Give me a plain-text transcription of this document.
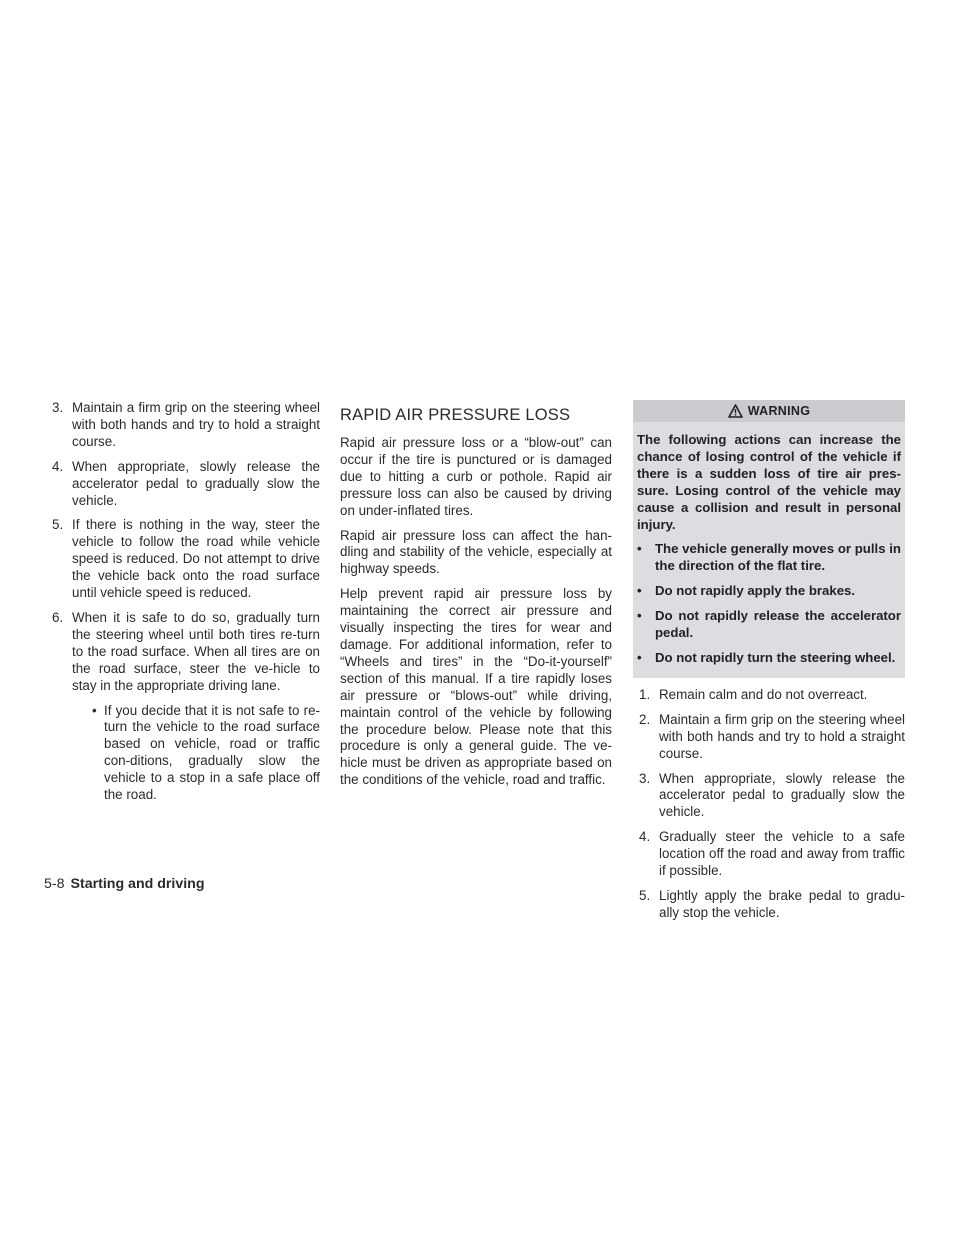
3. Maintain a firm grip on the steering wheel with both hands and try to hold a straight course.
4. When appropriate, slowly release the accelerator pedal to gradually slow the vehicle.
5. If there is nothing in the way, steer the vehicle to follow the road while vehicle speed is reduced. Do not attempt to drive the vehicle back onto the road surface until vehicle speed is reduced.
6. When it is safe to do so, gradually turn the steering wheel until both tires re-turn to the road surface. When all tires are on the road surface, steer the ve-hicle to stay in the appropriate driving lane.
• If you decide that it is not safe to re-turn the vehicle to the road surface based on vehicle, road or traffic con-ditions, gradually slow the vehicle to a stop in a safe place off the road.
RAPID AIR PRESSURE LOSS

Rapid air pressure loss or a “blow-out” can occur if the tire is punctured or is damaged due to hitting a curb or pothole. Rapid air pressure loss can also be caused by driving on under-inflated tires.

Rapid air pressure loss can affect the han-dling and stability of the vehicle, especially at highway speeds.

Help prevent rapid air pressure loss by maintaining the correct air pressure and visually inspecting the tires for wear and damage. For additional information, refer to “Wheels and tires” in the “Do-it-yourself” section of this manual. If a tire rapidly loses air pressure or “blows-out” while driving, maintain control of the vehicle by following the procedure below. Please note that this procedure is only a general guide. The ve-hicle must be driven as appropriate based on the conditions of the vehicle, road and traffic.

WARNING

The following actions can increase the chance of losing control of the vehicle if there is a sudden loss of tire air pres-sure. Losing control of the vehicle may cause a collision and result in personal injury.

• The vehicle generally moves or pulls in the direction of the flat tire.
• Do not rapidly apply the brakes.
• Do not rapidly release the accelerator pedal.
• Do not rapidly turn the steering wheel.
1. Remain calm and do not overreact.
2. Maintain a firm grip on the steering wheel with both hands and try to hold a straight course.
3. When appropriate, slowly release the accelerator pedal to gradually slow the vehicle.
4. Gradually steer the vehicle to a safe location off the road and away from traffic if possible.
5. Lightly apply the brake pedal to gradu-ally stop the vehicle.
5-8 Starting and driving
